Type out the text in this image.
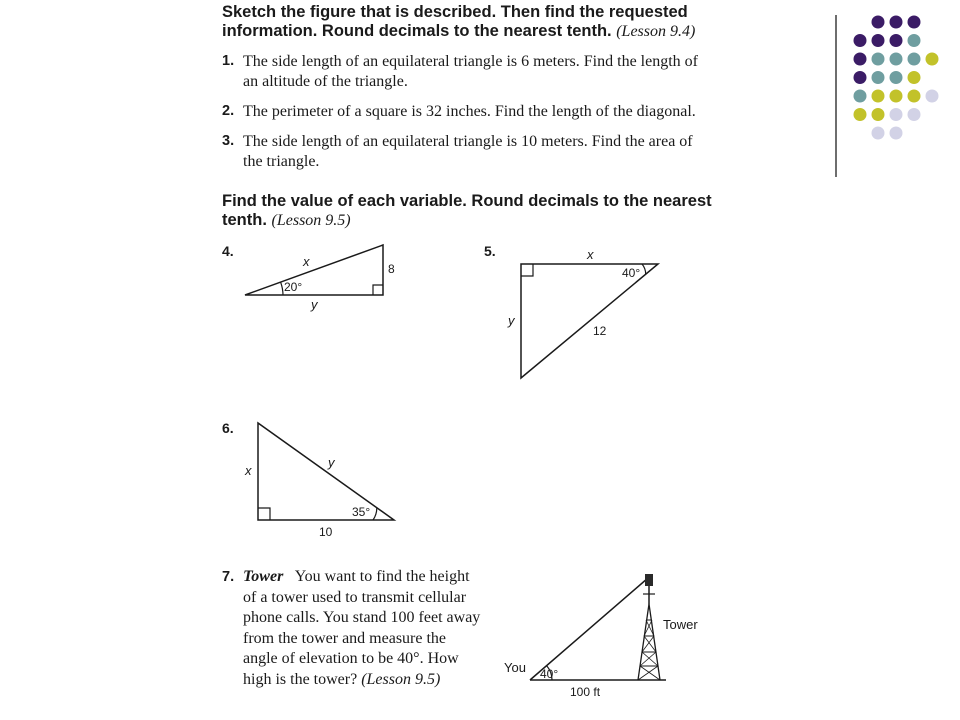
Sketch the figure that is described. Then find the requested
information. Round decimals to the nearest tenth. (Lesson 9.4)
1. The side length of an equilateral triangle is 6 meters. Find the length of
an altitude of the triangle.
2. The perimeter of a square is 32 inches. Find the length of the diagonal.
3. The side length of an equilateral triangle is 10 meters. Find the area of
the triangle.
Find the value of each variable. Round decimals to the nearest
tenth. (Lesson 9.5)
4.
x	8
20°
y
5.	x
40°
y
12
6.
x
y
35°
10
7. Tower You want to find the height
of a tower used to transmit cellular
phone calls. You stand 100 feet away
from the tower and measure the
angle of elevation to be 40°. How
high is the tower? (Lesson 9.5)
Tower
You 40°
100 ft
